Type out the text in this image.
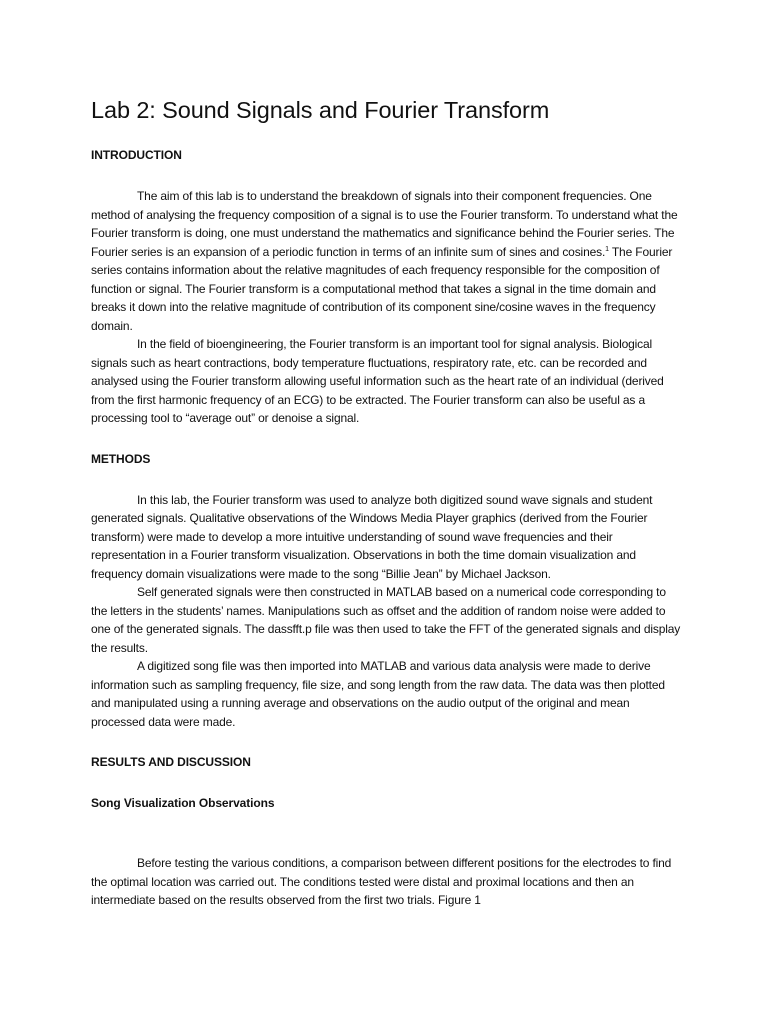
Lab 2: Sound Signals and Fourier Transform
INTRODUCTION

The aim of this lab is to understand the breakdown of signals into their component frequencies. One method of analysing the frequency composition of a signal is to use the Fourier transform. To understand what the Fourier transform is doing, one must understand the mathematics and significance behind the Fourier series. The Fourier series is an expansion of a periodic function in terms of an infinite sum of sines and cosines.$^1$ The Fourier series contains information about the relative magnitudes of each frequency responsible for the composition of function or signal. The Fourier transform is a computational method that takes a signal in the time domain and breaks it down into the relative magnitude of contribution of its component sine/cosine waves in the frequency domain.

In the field of bioengineering, the Fourier transform is an important tool for signal analysis. Biological signals such as heart contractions, body temperature fluctuations, respiratory rate, etc. can be recorded and analysed using the Fourier transform allowing useful information such as the heart rate of an individual (derived from the first harmonic frequency of an ECG) to be extracted. The Fourier transform can also be useful as a processing tool to “average out” or denoise a signal.

METHODS

In this lab, the Fourier transform was used to analyze both digitized sound wave signals and student generated signals. Qualitative observations of the Windows Media Player graphics (derived from the Fourier transform) were made to develop a more intuitive understanding of sound wave frequencies and their representation in a Fourier transform visualization. Observations in both the time domain visualization and frequency domain visualizations were made to the song “Billie Jean” by Michael Jackson.

Self generated signals were then constructed in MATLAB based on a numerical code corresponding to the letters in the students’ names. Manipulations such as offset and the addition of random noise were added to one of the generated signals. The dassfft.p file was then used to take the FFT of the generated signals and display the results.

A digitized song file was then imported into MATLAB and various data analysis were made to derive information such as sampling frequency, file size, and song length from the raw data. The data was then plotted and manipulated using a running average and observations on the audio output of the original and mean processed data were made.

RESULTS AND DISCUSSION
Song Visualization Observations

Before testing the various conditions, a comparison between different positions for the electrodes to find the optimal location was carried out. The conditions tested were distal and proximal locations and then an intermediate based on the results observed from the first two trials. Figure 1
